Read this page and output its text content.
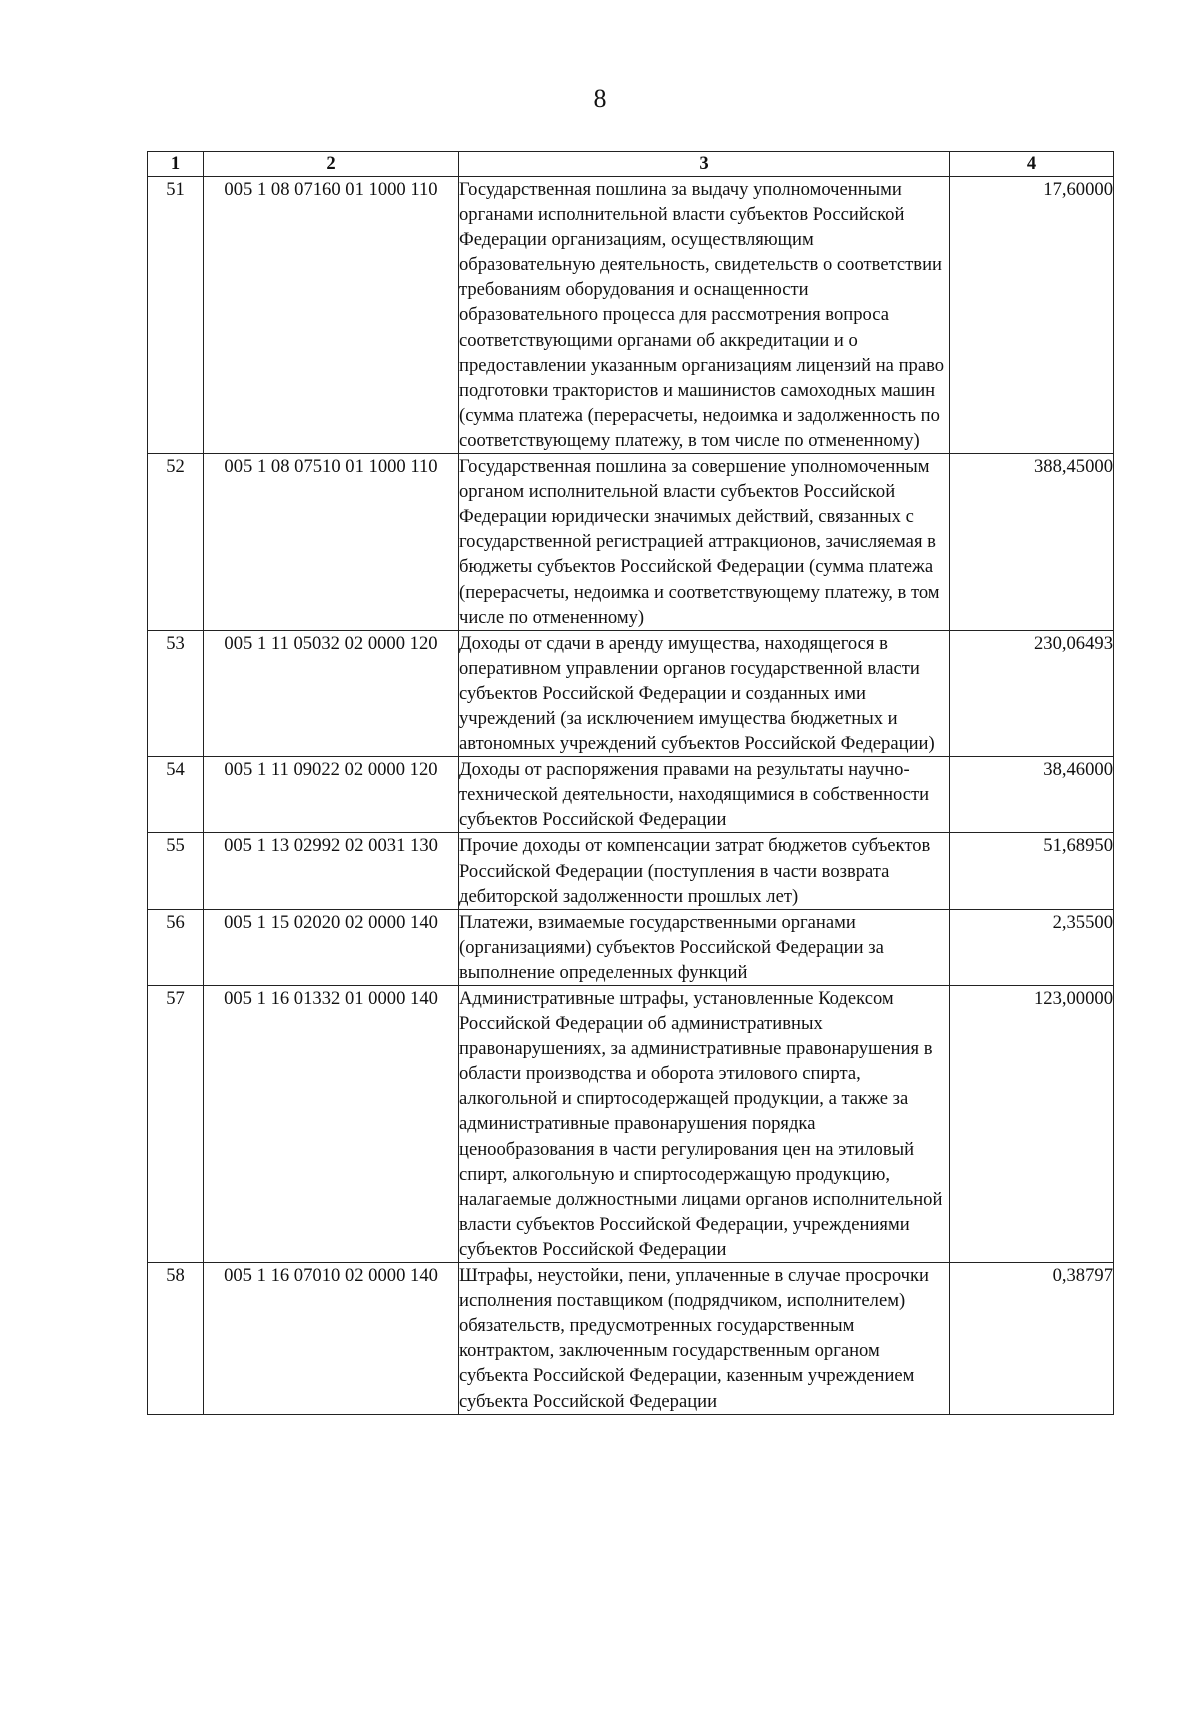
8
1	2	3	4
51	005 1 08 07160 01 1000 110	Государственная пошлина за выдачу уполномоченными органами исполнительной власти субъектов Российской Федерации организациям, осуществляющим образовательную деятельность, свидетельств о соответствии требованиям оборудования и оснащенности образовательного процесса для рассмотрения вопроса соответствующими органами об аккредитации и о предоставлении указанным организациям лицензий на право подготовки трактористов и машинистов самоходных машин (сумма платежа (перерасчеты, недоимка и задолженность по соответствующему платежу, в том числе по отмененному)	17,60000
52	005 1 08 07510 01 1000 110	Государственная пошлина за совершение уполномоченным органом исполнительной власти субъектов Российской Федерации юридически значимых действий, связанных с государственной регистрацией аттракционов, зачисляемая в бюджеты субъектов Российской Федерации (сумма платежа (перерасчеты, недоимка и соответствующему платежу, в том числе по отмененному)	388,45000
53	005 1 11 05032 02 0000 120	Доходы от сдачи в аренду имущества, находящегося в оперативном управлении органов государственной власти субъектов Российской Федерации и созданных ими учреждений (за исключением имущества бюджетных и автономных учреждений субъектов Российской Федерации)	230,06493
54	005 1 11 09022 02 0000 120	Доходы от распоряжения правами на результаты научно-технической деятельности, находящимися в собственности субъектов Российской Федерации	38,46000
55	005 1 13 02992 02 0031 130	Прочие доходы от компенсации затрат бюджетов субъектов Российской Федерации (поступления в части возврата дебиторской задолженности прошлых лет)	51,68950
56	005 1 15 02020 02 0000 140	Платежи, взимаемые государственными органами (организациями) субъектов Российской Федерации за выполнение определенных функций	2,35500
57	005 1 16 01332 01 0000 140	Административные штрафы, установленные Кодексом Российской Федерации об административных правонарушениях, за административные правонарушения в области производства и оборота этилового спирта, алкогольной и спиртосодержащей продукции, а также за административные правонарушения порядка ценообразования в части регулирования цен на этиловый спирт, алкогольную и спиртосодержащую продукцию, налагаемые должностными лицами органов исполнительной власти субъектов Российской Федерации, учреждениями субъектов Российской Федерации	123,00000
58	005 1 16 07010 02 0000 140	Штрафы, неустойки, пени, уплаченные в случае просрочки исполнения поставщиком (подрядчиком, исполнителем) обязательств, предусмотренных государственным контрактом, заключенным государственным органом субъекта Российской Федерации, казенным учреждением субъекта Российской Федерации	0,38797
